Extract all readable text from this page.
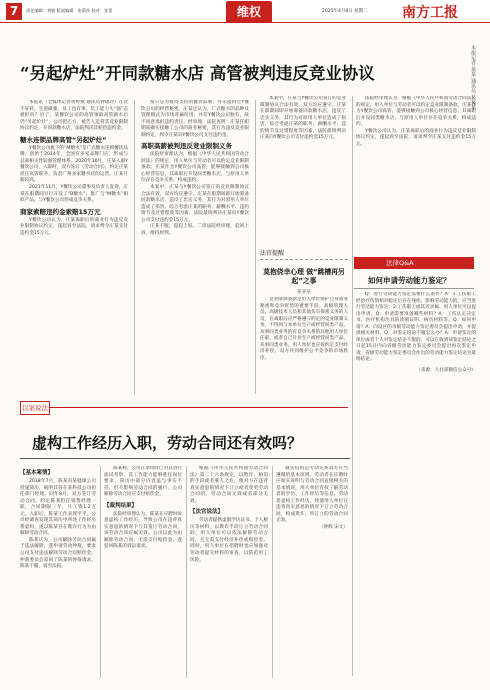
7	责任编辑：刘敏 版面编辑：张莉莎 校对：张菁	维权	2025年4月8日 星期二 南方工报
“另起炉灶”开同款糖水店 高管被判违反竞业协议	本报记者 某某 通讯员 某某某

本报讯（全媒体记者黄婷燕 通讯员钟锦玲）在饮不好转，生意做强，员工也有事，员工能力失“强”态被拒吗？近了，某餐饮公司的高管领取高管薪水后仍“另起炉灶”，公司把乙方，被告人违背其竞业限制协议约定，开同款糖水店，法院判决其赔偿违约金。

糖水连锁品牌高管“另起炉灶”

Y餐饮公司旗下的“M糖水”是广式糖水连锁餐饮品牌，创始于2014年，全国有多家品牌门店，形成与总部相关性较强管理体系。2020年10月，庄某入职Y餐饮公司，入职时，双方签订《劳动合同》，约定庄某担任高管职务，负责广州多家糖水店的运营，庄某月薪较高。

2021年11月，Y餐饮公司董事及负责人发现，庄某在职期间另行开设了“B糖水”，推广与“M糖水”相似产品，与Y餐饮公司形成竞争关系。

商家索赔违约金索赔15万元

Y餐饮公司认为，庄某离职后的商业行为违反竞业限制协议约定，遂起诉至法院，请求判令庄某支付违约金15万元。

按只是为接待支持的餐饮品牌，并未提供过Y餐饮公司的经营秘密。庄某还认为，广式糖水的品种及管理模式为市场普遍所用，并非Y餐饮公司独有，故不同意承担违约责任。经审理，法院查明：庄某任职期间确实接触了公司的商业秘密，其行为违反竞业限制约定，判令庄某向Y餐饮公司支付违约金。

高职高薪被判违反竞业限制义务

法院经审理认为，根据《中华人民共和国劳动合同法》的规定，用人单位与劳动者可以约定竞业限制条款。庄某作为Y餐饮公司高管，能够接触到公司核心经营信息，其离职后开设同类糖水店，与原用人单位存在竞争关系，构成违约。

本案中，庄某与Y餐饮公司签订的竞业限制协议合法有效，双方均应遵守。庄某在职期间即开始筹备同款糖水店，违反了忠实义务，其行为对原用人单位造成了损害。综合考虑庄某的职务、薪酬水平、违约情节及过错程度等因素，法院最终判决庄某向Y餐饮公司支付违约金15万元。

庄某不服，提起上诉。二审法院经审理，驳回上诉，维持原判。

本案中，庄某与Y餐饮公司签订的竞业限制协议合法有效，双方均应遵守。庄某在职期间即开始筹备同款糖水店，违反了忠实义务，其行为对原用人单位造成了损害。综合考虑庄某的职务、薪酬水平、违约情节及过错程度等因素，法院最终判决庄某向Y餐饮公司支付违约金15万元。

法官提醒
莫抱侥幸心理 做“跳槽再另起”之事
某某某

竞业限制条款是用人单位保护自身商业秘密和竞争优势的重要手段。高级管理人员、高级技术人员和其他负有保密义务的人员，在离职后应严格遵守约定的竞业限制义务，不得到与本单位生产或经营同类产品、从事同类业务的有竞争关系的其他用人单位任职，或者自己开业生产或经营同类产品、从事同类业务。用人单位也应按约定支付经济补偿，双方共同维护公平竞争的市场秩序。

法院经审理认为，根据《中华人民共和国劳动合同法》的规定，用人单位与劳动者可以约定竞业限制条款。庄某作为Y餐饮公司高管，能够接触到公司核心经营信息，其离职后开设同类糖水店，与原用人单位存在竞争关系，构成违约。

Y餐饮公司认为，庄某离职后的商业行为违反竞业限制协议约定，遂起诉至法院，请求判令庄某支付违约金15万元。

法律Q&A
如何申请劳动能力鉴定？

Q：进行劳动能力鉴定需要什么条件？A：1.工伤职工经治疗伤情相对稳定后存在残疾、影响劳动能力的，应当进行劳动能力鉴定；2.工伤职工或其近亲属、用人单位可以提出申请。Q：申请需要准备哪些材料？A：工伤认定决定书、医疗机构出具的诊断证明、病历材料等。Q：如何申请？A：向设区的市级劳动能力鉴定委员会提出申请，并提供相关材料。Q：对鉴定结论不服怎么办？A：申请鉴定的单位或者个人对鉴定结论不服的，可以在收到该鉴定结论之日起15日内向省级劳动能力鉴定委员会提出再次鉴定申请。省级劳动能力鉴定委员会作出的劳动能力鉴定结论为最终结论。

（来源：人社部微信公众号）

以案说法
虚构工作经历入职，劳动合同还有效吗？
【基本案情】

2018年7月，陈某向某健康公司投递简历，载明其曾在某科技公司担任部门经理。同年8月，双方签订劳动合同，约定陈某担任销售经理一职，合同期限三年，月工资1.2万元。入职后，陈某工作表现平平，公司经调查发现其简历中所述工作经历系虚构，遂以陈某存在欺诈行为为由解除劳动合同。

陈某认为，公司解除劳动合同属于违法解除，遂申请劳动仲裁，要求公司支付违法解除劳动合同赔偿金。仲裁委员会驳回了陈某的仲裁请求，陈某不服，诉至法院。

陈某称，公司在录用时已对其进行面试考察，其工作能力能够胜任岗位要求，简历中部分内容虽与事实不符，但不影响劳动合同的履行，公司解除劳动合同应支付赔偿金。

【裁判结果】

法院经审理认为，陈某在应聘时故意虚构工作经历，导致公司在违背真实意思的情况下与其签订劳动合同，该劳动合同应属无效。公司以此为由解除劳动合同，无需支付赔偿金，遂驳回陈某的诉讼请求。

根据《中华人民共和国劳动合同法》第二十六条规定，以欺诈、胁迫的手段或者乘人之危，使对方在违背真实意思的情况下订立或者变更劳动合同的，劳动合同无效或者部分无效。

【法官说法】

劳动者提供虚假学历证书、个人履历等材料，以欺诈手段订立劳动合同的，用人单位可以依法解除劳动合同，且无需支付经济补偿或赔偿金。同时，用人单位在招聘时也应加强对劳动者提交材料的审查，以防范用工风险。

诚实信用是劳动关系双方应当遵循的基本原则。劳动者在应聘时应如实说明与劳动合同直接相关的基本情况，用人单位有权了解劳动者的学历、工作经历等信息。劳动者虚构工作经历，致使用人单位在违背真实意思的情况下订立劳动合同，构成欺诈，所订立的劳动合同无效。

（钟辉 宋文）
